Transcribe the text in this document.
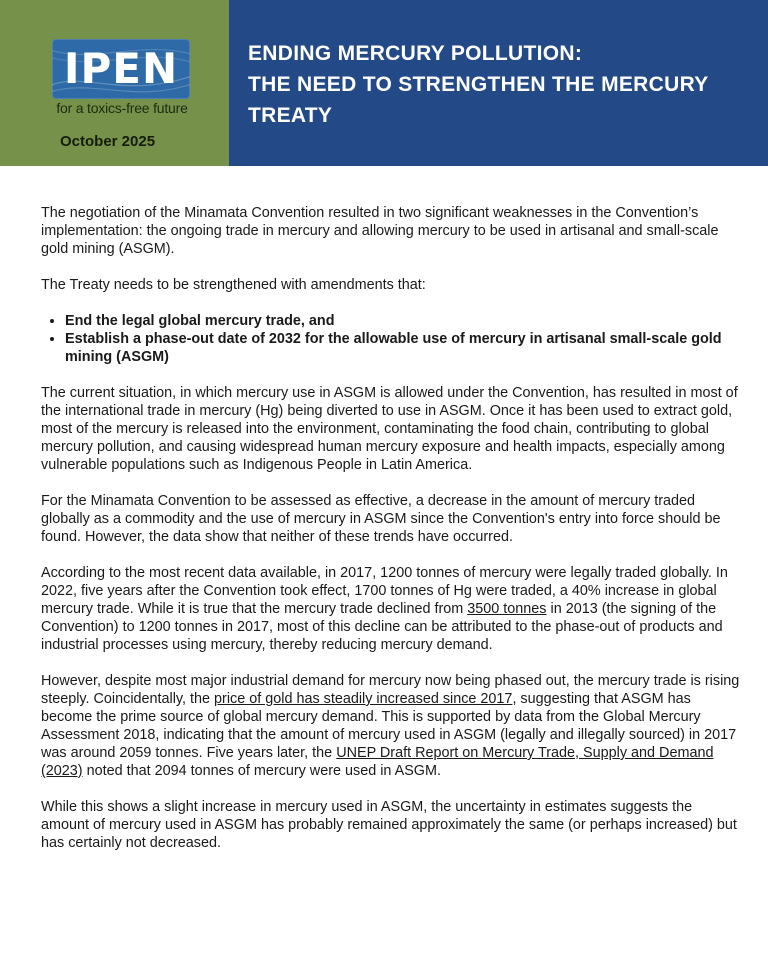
IPEN
for a toxics-free future
October 2025
ENDING MERCURY POLLUTION:
THE NEED TO STRENGTHEN THE MERCURY
TREATY

The negotiation of the Minamata Convention resulted in two significant weaknesses in the Convention’s implementation: the ongoing trade in mercury and allowing mercury to be used in artisanal and small-scale gold mining (ASGM).

The Treaty needs to be strengthened with amendments that:

• End the legal global mercury trade, and
• Establish a phase-out date of 2032 for the allowable use of mercury in artisanal small-scale gold mining (ASGM)

The current situation, in which mercury use in ASGM is allowed under the Convention, has resulted in most of the international trade in mercury (Hg) being diverted to use in ASGM. Once it has been used to extract gold, most of the mercury is released into the environment, contaminating the food chain, contributing to global mercury pollution, and causing widespread human mercury exposure and health impacts, especially among vulnerable populations such as Indigenous People in Latin America.

For the Minamata Convention to be assessed as effective, a decrease in the amount of mercury traded globally as a commodity and the use of mercury in ASGM since the Convention's entry into force should be found. However, the data show that neither of these trends have occurred.

According to the most recent data available, in 2017, 1200 tonnes of mercury were legally traded globally. In 2022, five years after the Convention took effect, 1700 tonnes of Hg were traded, a 40% increase in global mercury trade. While it is true that the mercury trade declined from 3500 tonnes in 2013 (the signing of the Convention) to 1200 tonnes in 2017, most of this decline can be attributed to the phase-out of products and industrial processes using mercury, thereby reducing mercury demand.

However, despite most major industrial demand for mercury now being phased out, the mercury trade is rising steeply. Coincidentally, the price of gold has steadily increased since 2017, suggesting that ASGM has become the prime source of global mercury demand. This is supported by data from the Global Mercury Assessment 2018, indicating that the amount of mercury used in ASGM (legally and illegally sourced) in 2017 was around 2059 tonnes. Five years later, the UNEP Draft Report on Mercury Trade, Supply and Demand (2023) noted that 2094 tonnes of mercury were used in ASGM.

While this shows a slight increase in mercury used in ASGM, the uncertainty in estimates suggests the amount of mercury used in ASGM has probably remained approximately the same (or perhaps increased) but has certainly not decreased.
